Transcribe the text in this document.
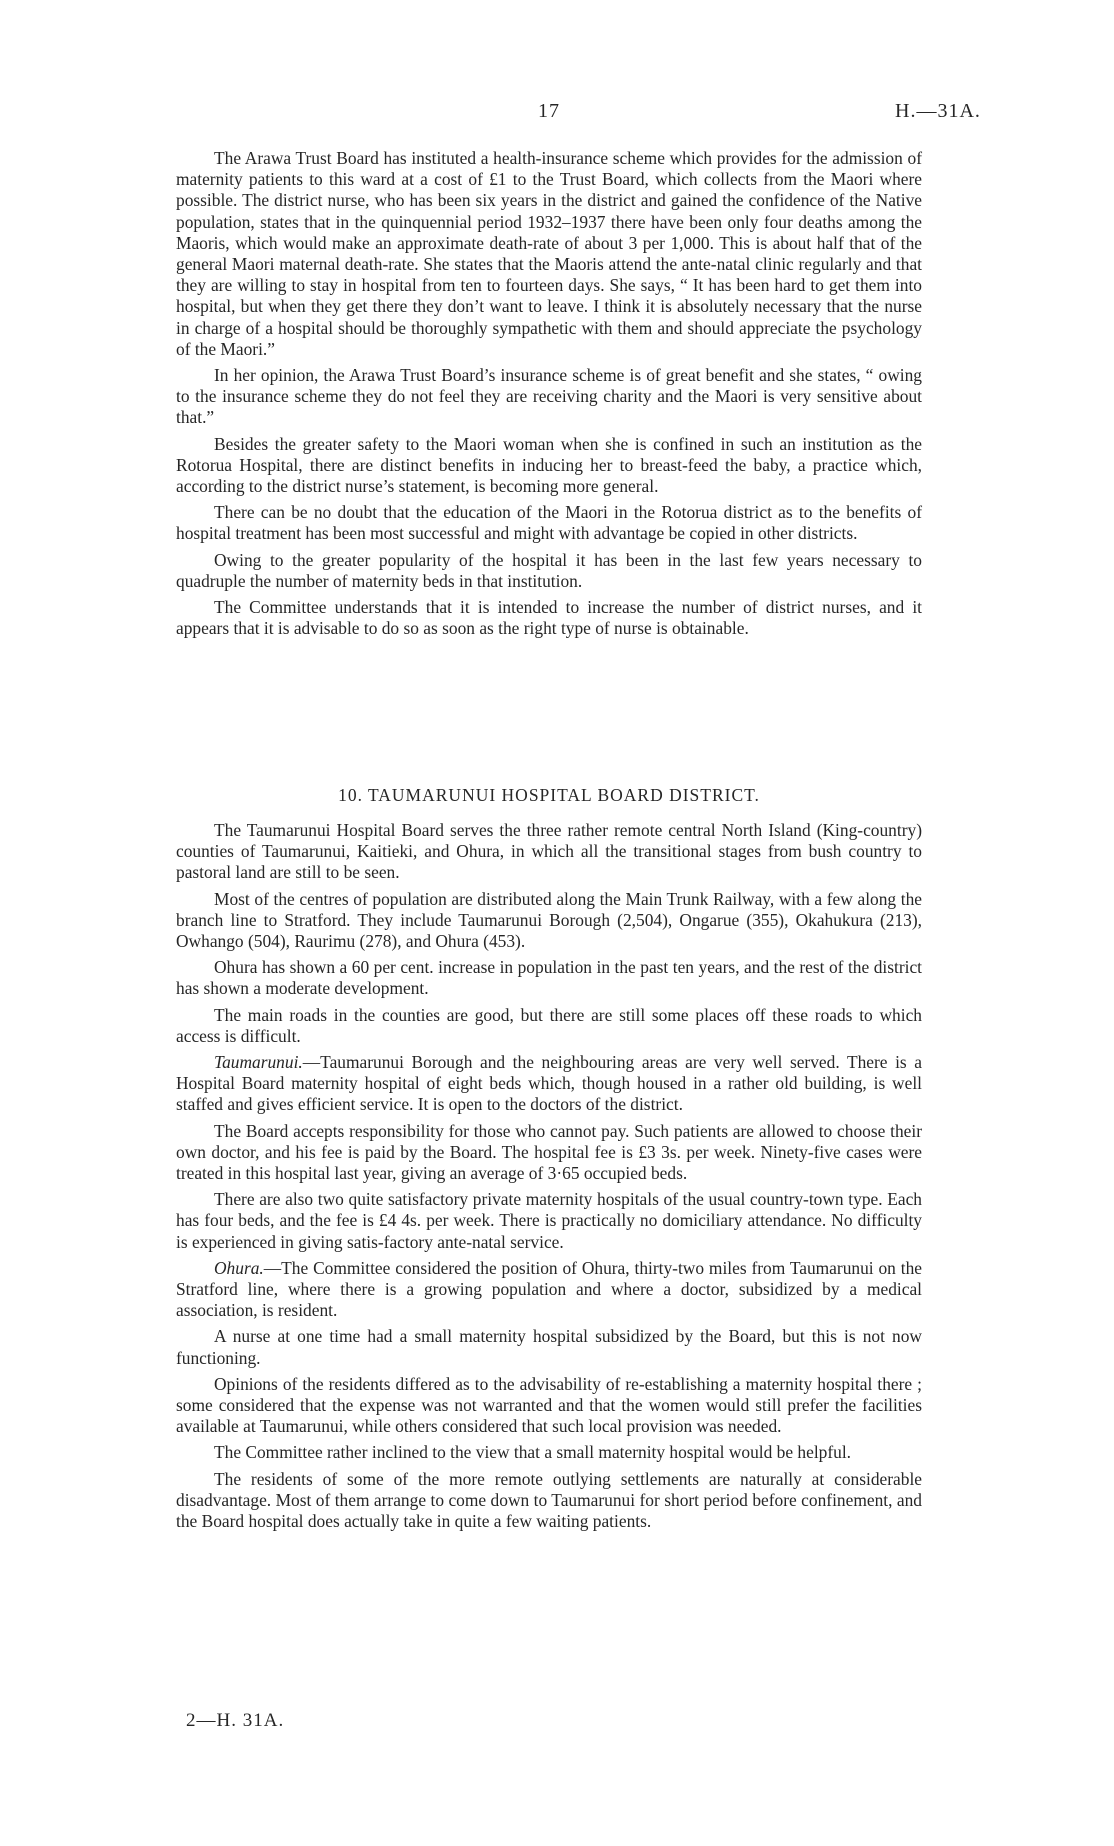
17	H.—31A.

The Arawa Trust Board has instituted a health-insurance scheme which provides for the admission of maternity patients to this ward at a cost of £1 to the Trust Board, which collects from the Maori where possible. The district nurse, who has been six years in the district and gained the confidence of the Native population, states that in the quinquennial period 1932–1937 there have been only four deaths among the Maoris, which would make an approximate death-rate of about 3 per 1,000. This is about half that of the general Maori maternal death-rate. She states that the Maoris attend the ante-natal clinic regularly and that they are willing to stay in hospital from ten to fourteen days. She says, “ It has been hard to get them into hospital, but when they get there they don’t want to leave. I think it is absolutely necessary that the nurse in charge of a hospital should be thoroughly sympathetic with them and should appreciate the psychology of the Maori.”

In her opinion, the Arawa Trust Board’s insurance scheme is of great benefit and she states, “ owing to the insurance scheme they do not feel they are receiving charity and the Maori is very sensitive about that.”

Besides the greater safety to the Maori woman when she is confined in such an institution as the Rotorua Hospital, there are distinct benefits in inducing her to breast-feed the baby, a practice which, according to the district nurse’s statement, is becoming more general.

There can be no doubt that the education of the Maori in the Rotorua district as to the benefits of hospital treatment has been most successful and might with advantage be copied in other districts.

Owing to the greater popularity of the hospital it has been in the last few years necessary to quadruple the number of maternity beds in that institution.

The Committee understands that it is intended to increase the number of district nurses, and it appears that it is advisable to do so as soon as the right type of nurse is obtainable.

10. TAUMARUNUI HOSPITAL BOARD DISTRICT.

The Taumarunui Hospital Board serves the three rather remote central North Island (King-country) counties of Taumarunui, Kaitieki, and Ohura, in which all the transitional stages from bush country to pastoral land are still to be seen.

Most of the centres of population are distributed along the Main Trunk Railway, with a few along the branch line to Stratford. They include Taumarunui Borough (2,504), Ongarue (355), Okahukura (213), Owhango (504), Raurimu (278), and Ohura (453).

Ohura has shown a 60 per cent. increase in population in the past ten years, and the rest of the district has shown a moderate development.

The main roads in the counties are good, but there are still some places off these roads to which access is difficult.

Taumarunui.—Taumarunui Borough and the neighbouring areas are very well served. There is a Hospital Board maternity hospital of eight beds which, though housed in a rather old building, is well staffed and gives efficient service. It is open to the doctors of the district.

The Board accepts responsibility for those who cannot pay. Such patients are allowed to choose their own doctor, and his fee is paid by the Board. The hospital fee is £3 3s. per week. Ninety-five cases were treated in this hospital last year, giving an average of 3·65 occupied beds.

There are also two quite satisfactory private maternity hospitals of the usual country-town type. Each has four beds, and the fee is £4 4s. per week. There is practically no domiciliary attendance. No difficulty is experienced in giving satis-factory ante-natal service.

Ohura.—The Committee considered the position of Ohura, thirty-two miles from Taumarunui on the Stratford line, where there is a growing population and where a doctor, subsidized by a medical association, is resident.

A nurse at one time had a small maternity hospital subsidized by the Board, but this is not now functioning.

Opinions of the residents differed as to the advisability of re-establishing a maternity hospital there ; some considered that the expense was not warranted and that the women would still prefer the facilities available at Taumarunui, while others considered that such local provision was needed.

The Committee rather inclined to the view that a small maternity hospital would be helpful.

The residents of some of the more remote outlying settlements are naturally at considerable disadvantage. Most of them arrange to come down to Taumarunui for short period before confinement, and the Board hospital does actually take in quite a few waiting patients.

2—H. 31A.
